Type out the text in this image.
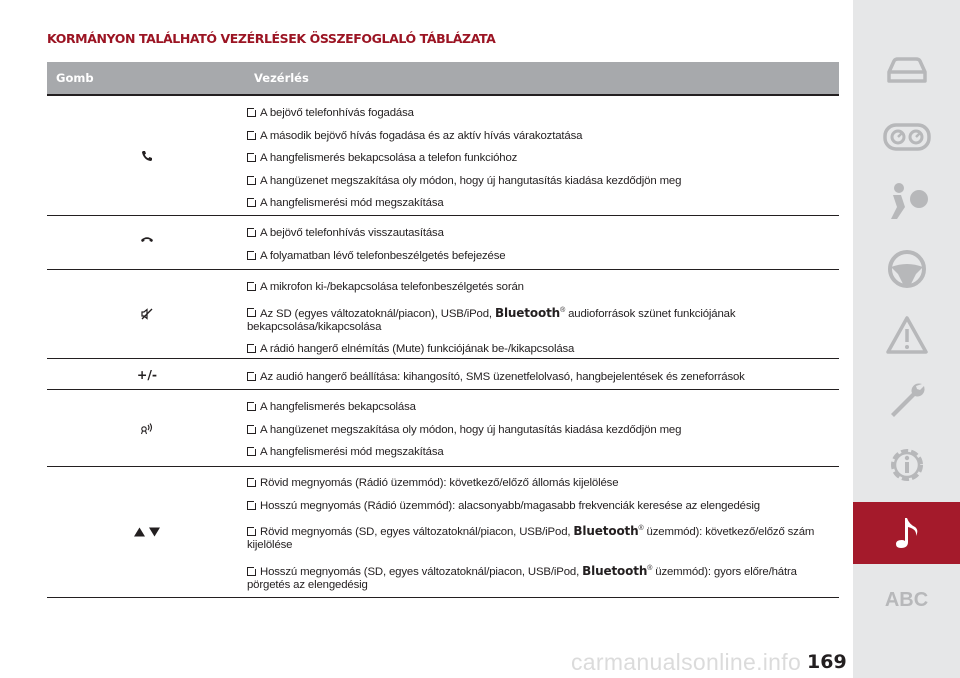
KORMÁNYON TALÁLHATÓ VEZÉRLÉSEK ÖSSZEFOGLALÓ TÁBLÁZATA
Gomb	Vezérlés
A bejövő telefonhívás fogadása
A második bejövő hívás fogadása és az aktív hívás várakoztatása
A hangfelismerés bekapcsolása a telefon funkcióhoz
A hangüzenet megszakítása oly módon, hogy új hangutasítás kiadása kezdődjön meg
A hangfelismerési mód megszakítása
A bejövő telefonhívás visszautasítása
A folyamatban lévő telefonbeszélgetés befejezése
A mikrofon ki-/bekapcsolása telefonbeszélgetés során
Az SD (egyes változatoknál/piacon), USB/iPod, Bluetooth® audioforrások szünet funkciójának bekapcsolása/kikapcsolása
A rádió hangerő elnémítás (Mute) funkciójának be-/kikapcsolása
+/-	Az audió hangerő beállítása: kihangosító, SMS üzenetfelolvasó, hangbejelentések és zeneforrások
A hangfelismerés bekapcsolása
A hangüzenet megszakítása oly módon, hogy új hangutasítás kiadása kezdődjön meg
A hangfelismerési mód megszakítása
Rövid megnyomás (Rádió üzemmód): következő/előző állomás kijelölése
Hosszú megnyomás (Rádió üzemmód): alacsonyabb/magasabb frekvenciák keresése az elengedésig
Rövid megnyomás (SD, egyes változatoknál/piacon, USB/iPod, Bluetooth® üzemmód): következő/előző szám kijelölése
Hosszú megnyomás (SD, egyes változatoknál/piacon, USB/iPod, Bluetooth® üzemmód): gyors előre/hátra pörgetés az elengedésig
ABC
169
carmanualsonline.info
